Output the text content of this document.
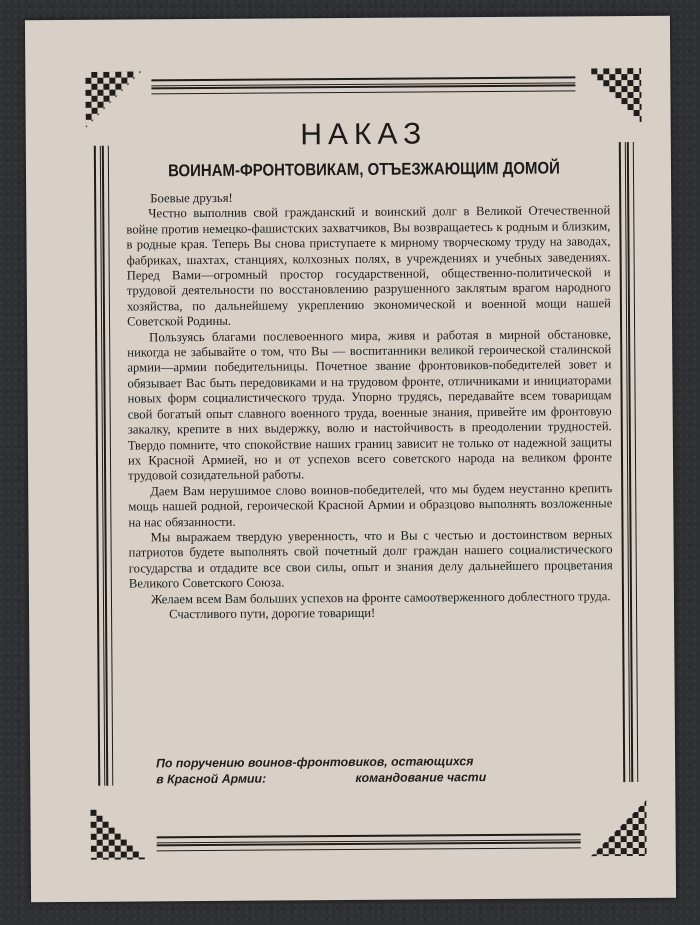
НАКАЗ
ВОИНАМ-ФРОНТОВИКАМ, ОТЪЕЗЖАЮЩИМ ДОМОЙ

Боевые друзья!

Честно выполнив свой гражданский и воинский долг в Великой Отечественной войне против немецко-фашистских захватчиков, Вы возвращаетесь к родным и близким, в родные края. Теперь Вы снова приступаете к мирному творческому труду на заводах, фабриках, шахтах, станциях, колхозных полях, в учреждениях и учебных заведениях. Перед Вами—огромный простор государственной, общественно-политической и трудовой деятельности по восстановлению разрушенного заклятым врагом народного хозяйства, по дальнейшему укреплению экономической и военной мощи нашей Советской Родины.

Пользуясь благами послевоенного мира, живя и работая в мирной обстановке, никогда не забывайте о том, что Вы — воспитанники великой героической сталинской армии—армии победительницы. Почетное звание фронтовиков-победителей зовет и обязывает Вас быть передовиками и на трудовом фронте, отличниками и инициаторами новых форм социалистического труда. Упорно трудясь, передавайте всем товарищам свой богатый опыт славного военного труда, военные знания, привейте им фронтовую закалку, крепите в них выдержку, волю и настойчивость в преодолении трудностей. Твердо помните, что спокойствие наших границ зависит не только от надежной защиты их Красной Армией, но и от успехов всего советского народа на великом фронте трудовой созидательной работы.

Даем Вам нерушимое слово воинов-победителей, что мы будем неустанно крепить мощь нашей родной, героической Красной Армии и образцово выполнять возложенные на нас обязанности.

Мы выражаем твердую уверенность, что и Вы с честью и достоинством верных патриотов будете выполнять свой почетный долг граждан нашего социалистического государства и отдадите все свои силы, опыт и знания делу дальнейшего процветания Великого Советского Союза.

Желаем всем Вам больших успехов на фронте самоотверженного доблестного труда.

Счастливого пути, дорогие товарищи!

По поручению воинов-фронтовиков, остающихся
в Красной Армии:	командование части
